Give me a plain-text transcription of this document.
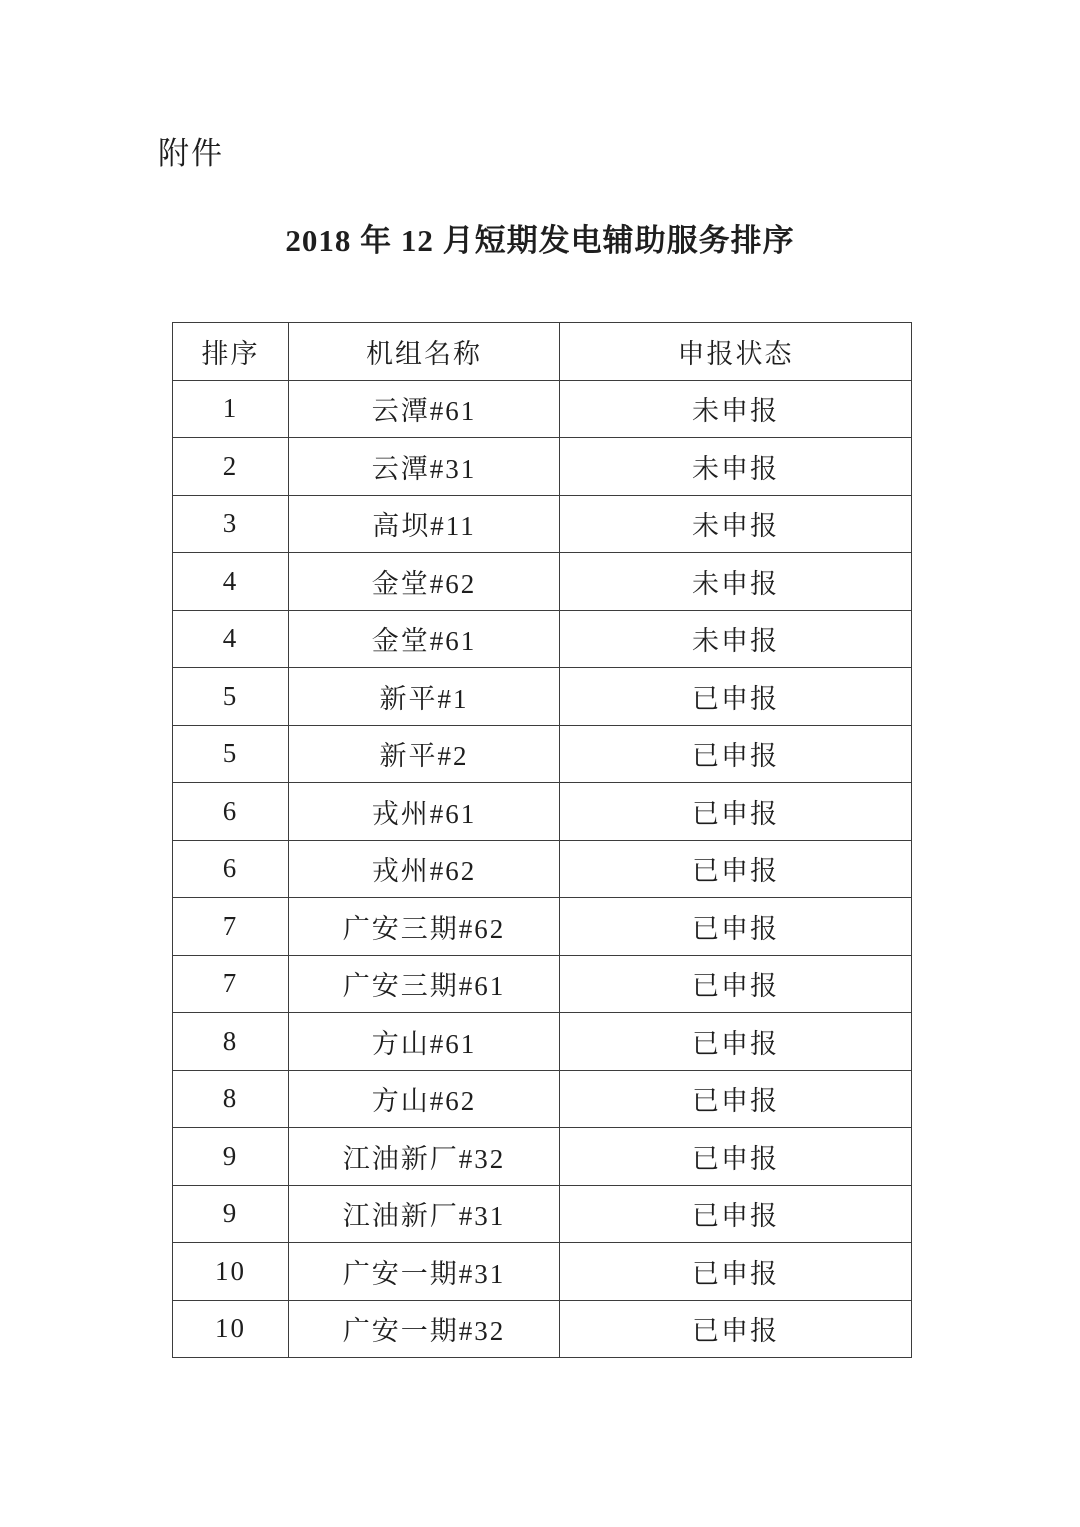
附件
2018 年 12 月短期发电辅助服务排序
排序	机组名称	申报状态
1	云潭#61	未申报
2	云潭#31	未申报
3	高坝#11	未申报
4	金堂#62	未申报
4	金堂#61	未申报
5	新平#1	已申报
5	新平#2	已申报
6	戎州#61	已申报
6	戎州#62	已申报
7	广安三期#62	已申报
7	广安三期#61	已申报
8	方山#61	已申报
8	方山#62	已申报
9	江油新厂#32	已申报
9	江油新厂#31	已申报
10	广安一期#31	已申报
10	广安一期#32	已申报
